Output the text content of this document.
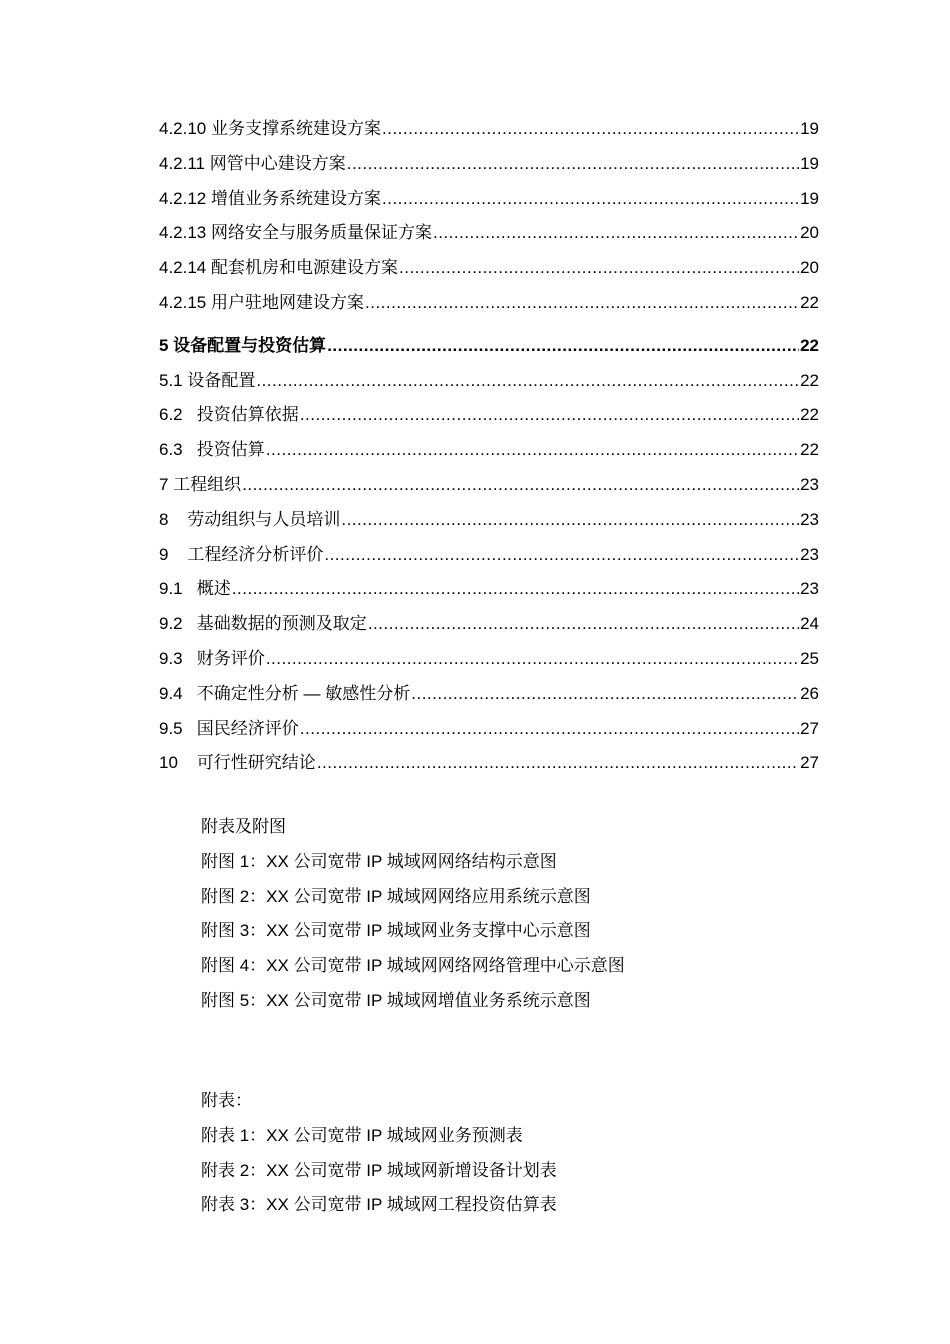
4.2.10 业务支撑系统建设方案 .....	19
4.2.11 网管中心建设方案 .....	19
4.2.12 增值业务系统建设方案 .....	19
4.2.13 网络安全与服务质量保证方案 .....	20
4.2.14 配套机房和电源建设方案 .....	20
4.2.15 用户驻地网建设方案 .....	22
5 设备配置与投资估算 .....	22
5.1 设备配置 .....	22
6.2   投资估算依据 .....	22
6.3   投资估算 .....	22
7 工程组织 .....	23
8    劳动组织与人员培训 .....	23
9    工程经济分析评价 .....	23
9.1   概述 .....	23
9.2   基础数据的预测及取定 .....	24
9.3   财务评价 .....	25
9.4   不确定性分析 — 敏感性分析 .....	26
9.5   国民经济评价 .....	27
10    可行性研究结论 .....	27
附表及附图
附图 1：XX 公司宽带 IP 城域网网络结构示意图
附图 2：XX 公司宽带 IP 城域网网络应用系统示意图
附图 3：XX 公司宽带 IP 城域网业务支撑中心示意图
附图 4：XX 公司宽带 IP 城域网网络网络管理中心示意图
附图 5：XX 公司宽带 IP 城域网增值业务系统示意图
附表：
附表 1：XX 公司宽带 IP 城域网业务预测表
附表 2：XX 公司宽带 IP 城域网新增设备计划表
附表 3：XX 公司宽带 IP 城域网工程投资估算表
